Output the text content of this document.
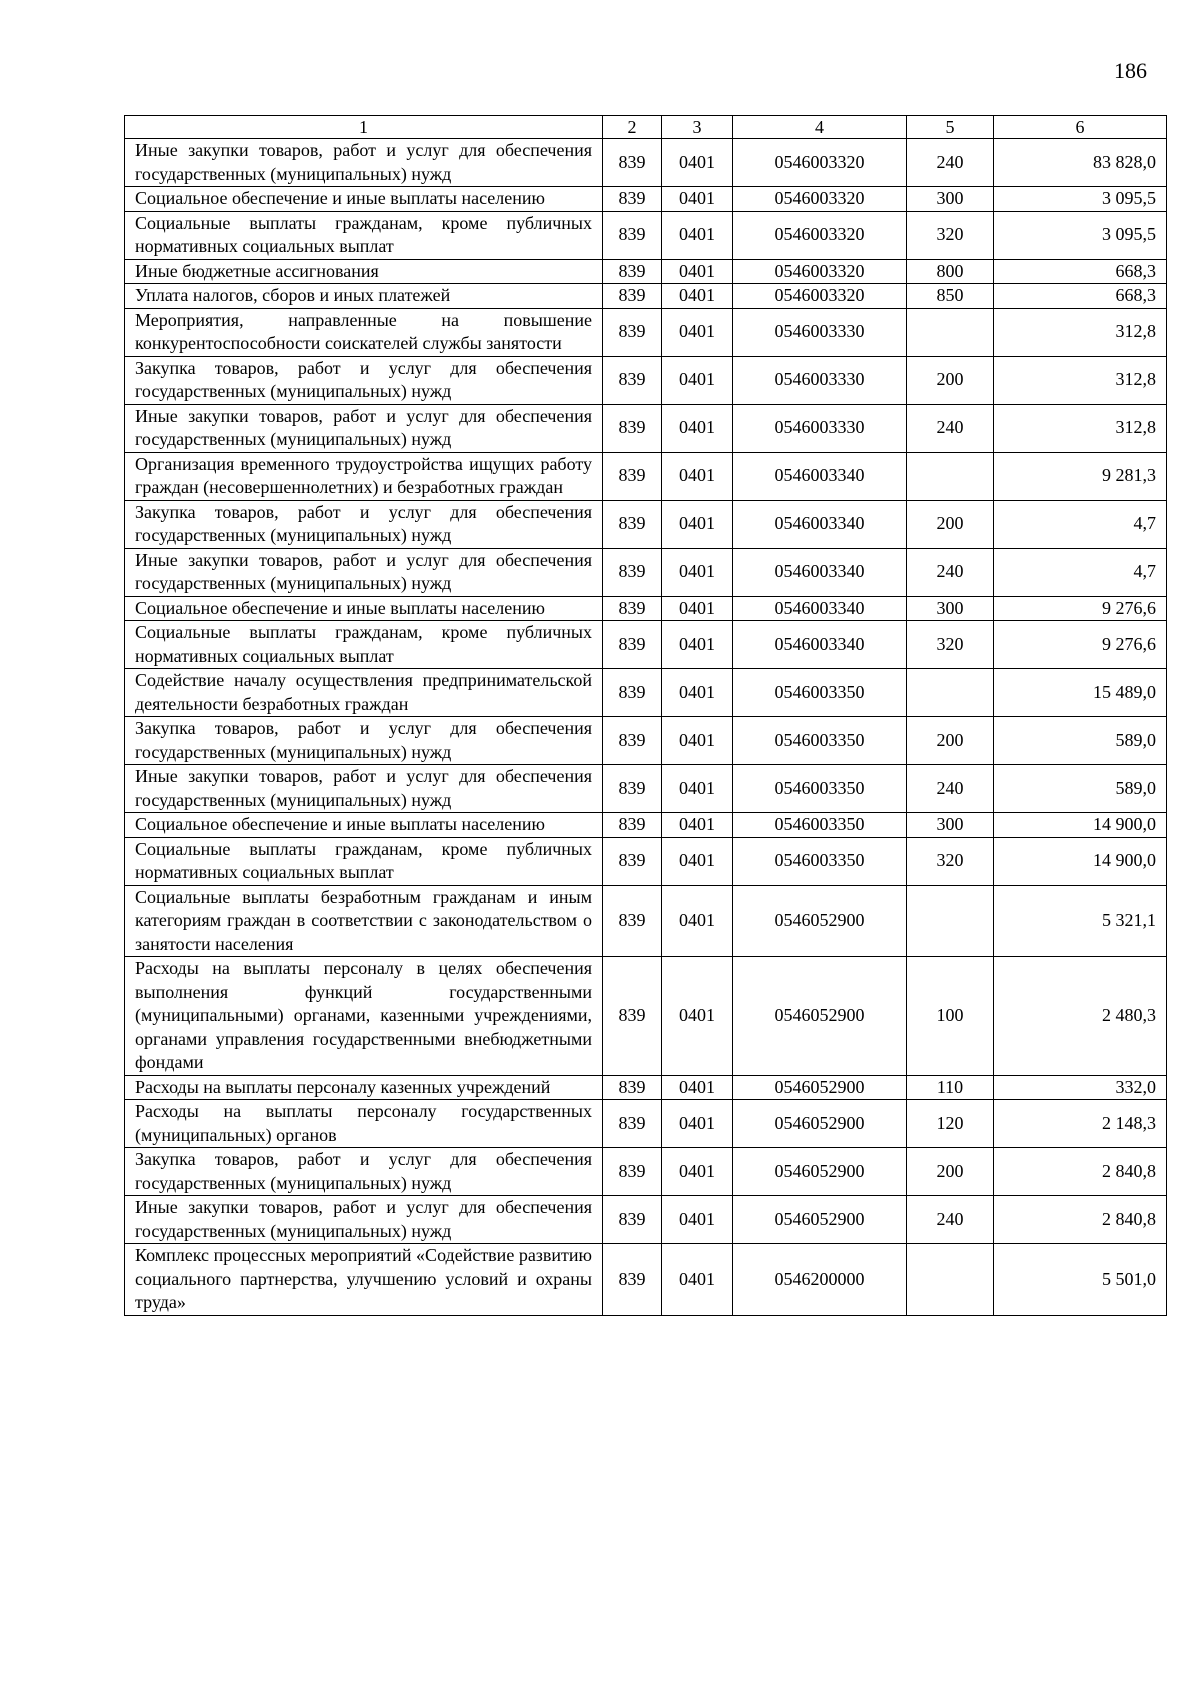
186
1	2	3	4	5	6
Иные закупки товаров, работ и услуг для обеспечения государственных (муниципальных) нужд	839	0401	0546003320	240	83 828,0
Социальное обеспечение и иные выплаты населению	839	0401	0546003320	300	3 095,5
Социальные выплаты гражданам, кроме публичных нормативных социальных выплат	839	0401	0546003320	320	3 095,5
Иные бюджетные ассигнования	839	0401	0546003320	800	668,3
Уплата налогов, сборов и иных платежей	839	0401	0546003320	850	668,3
Мероприятия, направленные на повышение конкурентоспособности соискателей службы занятости	839	0401	0546003330		312,8
Закупка товаров, работ и услуг для обеспечения государственных (муниципальных) нужд	839	0401	0546003330	200	312,8
Иные закупки товаров, работ и услуг для обеспечения государственных (муниципальных) нужд	839	0401	0546003330	240	312,8
Организация временного трудоустройства ищущих работу граждан (несовершеннолетних) и безработных граждан	839	0401	0546003340		9 281,3
Закупка товаров, работ и услуг для обеспечения государственных (муниципальных) нужд	839	0401	0546003340	200	4,7
Иные закупки товаров, работ и услуг для обеспечения государственных (муниципальных) нужд	839	0401	0546003340	240	4,7
Социальное обеспечение и иные выплаты населению	839	0401	0546003340	300	9 276,6
Социальные выплаты гражданам, кроме публичных нормативных социальных выплат	839	0401	0546003340	320	9 276,6
Содействие началу осуществления предпринимательской деятельности безработных граждан	839	0401	0546003350		15 489,0
Закупка товаров, работ и услуг для обеспечения государственных (муниципальных) нужд	839	0401	0546003350	200	589,0
Иные закупки товаров, работ и услуг для обеспечения государственных (муниципальных) нужд	839	0401	0546003350	240	589,0
Социальное обеспечение и иные выплаты населению	839	0401	0546003350	300	14 900,0
Социальные выплаты гражданам, кроме публичных нормативных социальных выплат	839	0401	0546003350	320	14 900,0
Социальные выплаты безработным гражданам и иным категориям граждан в соответствии с законодательством о занятости населения	839	0401	0546052900		5 321,1
Расходы на выплаты персоналу в целях обеспечения выполнения функций государственными (муниципальными) органами, казенными учреждениями, органами управления государственными внебюджетными фондами	839	0401	0546052900	100	2 480,3
Расходы на выплаты персоналу казенных учреждений	839	0401	0546052900	110	332,0
Расходы на выплаты персоналу государственных (муниципальных) органов	839	0401	0546052900	120	2 148,3
Закупка товаров, работ и услуг для обеспечения государственных (муниципальных) нужд	839	0401	0546052900	200	2 840,8
Иные закупки товаров, работ и услуг для обеспечения государственных (муниципальных) нужд	839	0401	0546052900	240	2 840,8
Комплекс процессных мероприятий «Содействие развитию социального партнерства, улучшению условий и охраны труда»	839	0401	0546200000		5 501,0
